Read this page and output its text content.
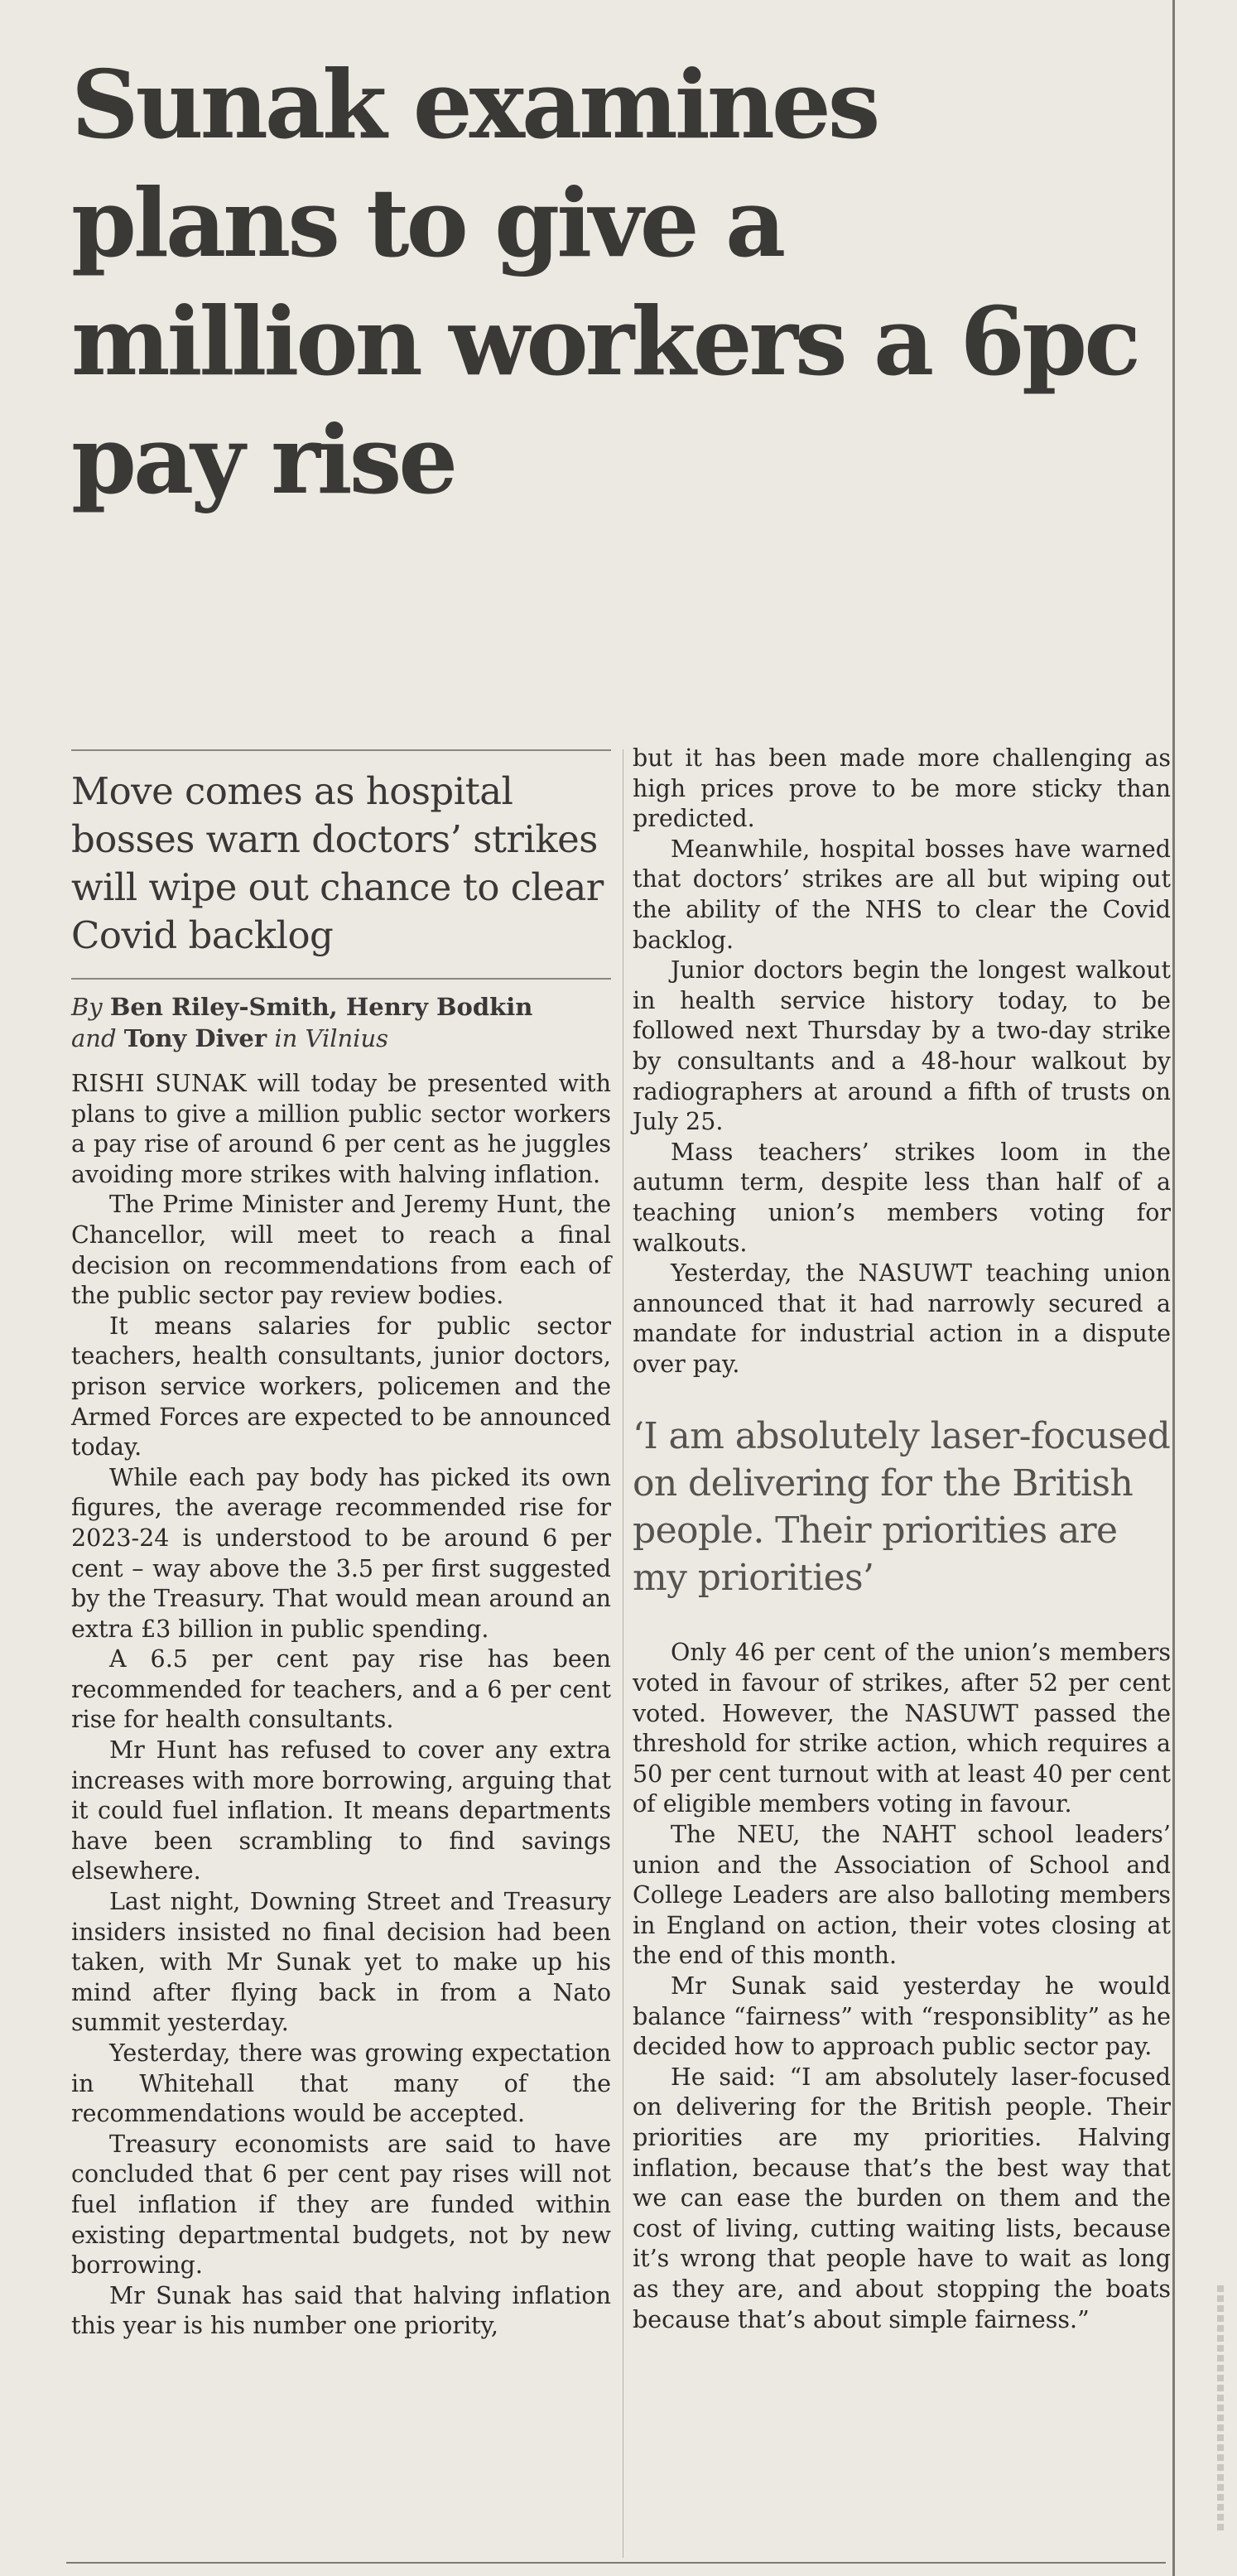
Sunak examines plans to give a million workers a 6pc pay rise

Move comes as hospital bosses warn doctors’ strikes will wipe out chance to clear Covid backlog

By Ben Riley-Smith, Henry Bodkin
and Tony Diver in Vilnius

RISHI SUNAK will today be presented with plans to give a million public sector workers a pay rise of around 6 per cent as he juggles avoiding more strikes with halving inflation.

The Prime Minister and Jeremy Hunt, the Chancellor, will meet to reach a final decision on recommendations from each of the public sector pay review bodies.

It means salaries for public sector teachers, health consultants, junior doctors, prison service workers, policemen and the Armed Forces are expected to be announced today.

While each pay body has picked its own figures, the average recommended rise for 2023-24 is understood to be around 6 per cent – way above the 3.5 per first suggested by the Treasury. That would mean around an extra £3 billion in public spending.

A 6.5 per cent pay rise has been recommended for teachers, and a 6 per cent rise for health consultants.

Mr Hunt has refused to cover any extra increases with more borrowing, arguing that it could fuel inflation. It means departments have been scrambling to find savings elsewhere.

Last night, Downing Street and Treasury insiders insisted no final decision had been taken, with Mr Sunak yet to make up his mind after flying back in from a Nato summit yesterday.

Yesterday, there was growing expectation in Whitehall that many of the recommendations would be accepted.

Treasury economists are said to have concluded that 6 per cent pay rises will not fuel inflation if they are funded within existing departmental budgets, not by new borrowing.

Mr Sunak has said that halving inflation this year is his number one priority,

but it has been made more challenging as high prices prove to be more sticky than predicted.

Meanwhile, hospital bosses have warned that doctors’ strikes are all but wiping out the ability of the NHS to clear the Covid backlog.

Junior doctors begin the longest walkout in health service history today, to be followed next Thursday by a two-day strike by consultants and a 48-hour walkout by radiographers at around a fifth of trusts on July 25.

Mass teachers’ strikes loom in the autumn term, despite less than half of a teaching union’s members voting for walkouts.

Yesterday, the NASUWT teaching union announced that it had narrowly secured a mandate for industrial action in a dispute over pay.

‘I am absolutely laser-focused on delivering for the British people. Their priorities are my priorities’

Only 46 per cent of the union’s members voted in favour of strikes, after 52 per cent voted. However, the NASUWT passed the threshold for strike action, which requires a 50 per cent turnout with at least 40 per cent of eligible members voting in favour.

The NEU, the NAHT school leaders’ union and the Association of School and College Leaders are also balloting members in England on action, their votes closing at the end of this month.

Mr Sunak said yesterday he would balance “fairness” with “responsiblity” as he decided how to approach public sector pay.

He said: “I am absolutely laser-focused on delivering for the British people. Their priorities are my priorities. Halving inflation, because that’s the best way that we can ease the burden on them and the cost of living, cutting waiting lists, because it’s wrong that people have to wait as long as they are, and about stopping the boats because that’s about simple fairness.”
